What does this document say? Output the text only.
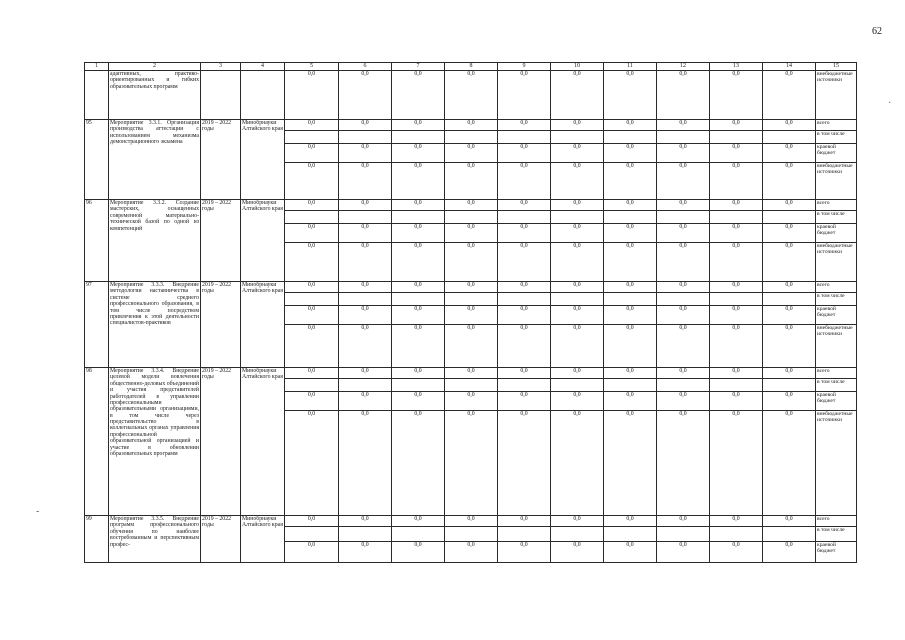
62
1	2	3	4	5	6	7	8	9	10	11	12	13	14	15
	адаптивных, практико-ориентированных и гибких образовательных программ			0,0	0,0	0,0	0,0	0,0	0,0	0,0	0,0	0,0	0,0	внебюджетные источники
95	Мероприятие 3.3.1. Организация производства аттестации с использованием механизма демонстрационного экзамена	2019 – 2022 годы	Минобрнауки Алтайского края	0,0	0,0	0,0	0,0	0,0	0,0	0,0	0,0	0,0	0,0	всего
														в том числе
				0,0	0,0	0,0	0,0	0,0	0,0	0,0	0,0	0,0	0,0	краевой бюджет
				0,0	0,0	0,0	0,0	0,0	0,0	0,0	0,0	0,0	0,0	внебюджетные источники
96	Мероприятие 3.3.2. Создание мастерских, оснащенных современной материально-технической базой по одной из компетенций	2019 – 2022 годы	Минобрнауки Алтайского края	0,0	0,0	0,0	0,0	0,0	0,0	0,0	0,0	0,0	0,0	всего
														в том числе
				0,0	0,0	0,0	0,0	0,0	0,0	0,0	0,0	0,0	0,0	краевой бюджет
				0,0	0,0	0,0	0,0	0,0	0,0	0,0	0,0	0,0	0,0	внебюджетные источники
97	Мероприятие 3.3.3. Внедрение методологии наставничества в системе среднего профессионального образования, в том числе посредством привлечения к этой деятельности специалистов-практиков	2019 – 2022 годы	Минобрнауки Алтайского края	0,0	0,0	0,0	0,0	0,0	0,0	0,0	0,0	0,0	0,0	всего
														в том числе
				0,0	0,0	0,0	0,0	0,0	0,0	0,0	0,0	0,0	0,0	краевой бюджет
				0,0	0,0	0,0	0,0	0,0	0,0	0,0	0,0	0,0	0,0	внебюджетные источники
98	Мероприятие 3.3.4. Внедрение целевой модели вовлечения общественно-деловых объединений и участия представителей работодателей в управлении профессиональными образовательными организациями, в том числе через представительство в коллегиальных органах управления профессиональной образовательной организацией и участие в обновлении образовательных программ	2019 – 2022 годы	Минобрнауки Алтайского края	0,0	0,0	0,0	0,0	0,0	0,0	0,0	0,0	0,0	0,0	всего
														в том числе
				0,0	0,0	0,0	0,0	0,0	0,0	0,0	0,0	0,0	0,0	краевой бюджет
				0,0	0,0	0,0	0,0	0,0	0,0	0,0	0,0	0,0	0,0	внебюджетные источники
99	Мероприятие 3.3.5. Внедрение программ профессионального обучения по наиболее востребованным и перспективным профес-	2019 – 2022 годы	Минобрнауки Алтайского края	0,0	0,0	0,0	0,0	0,0	0,0	0,0	0,0	0,0	0,0	всего
														в том числе
				0,0	0,0	0,0	0,0	0,0	0,0	0,0	0,0	0,0	0,0	краевой бюджет
·
‐
